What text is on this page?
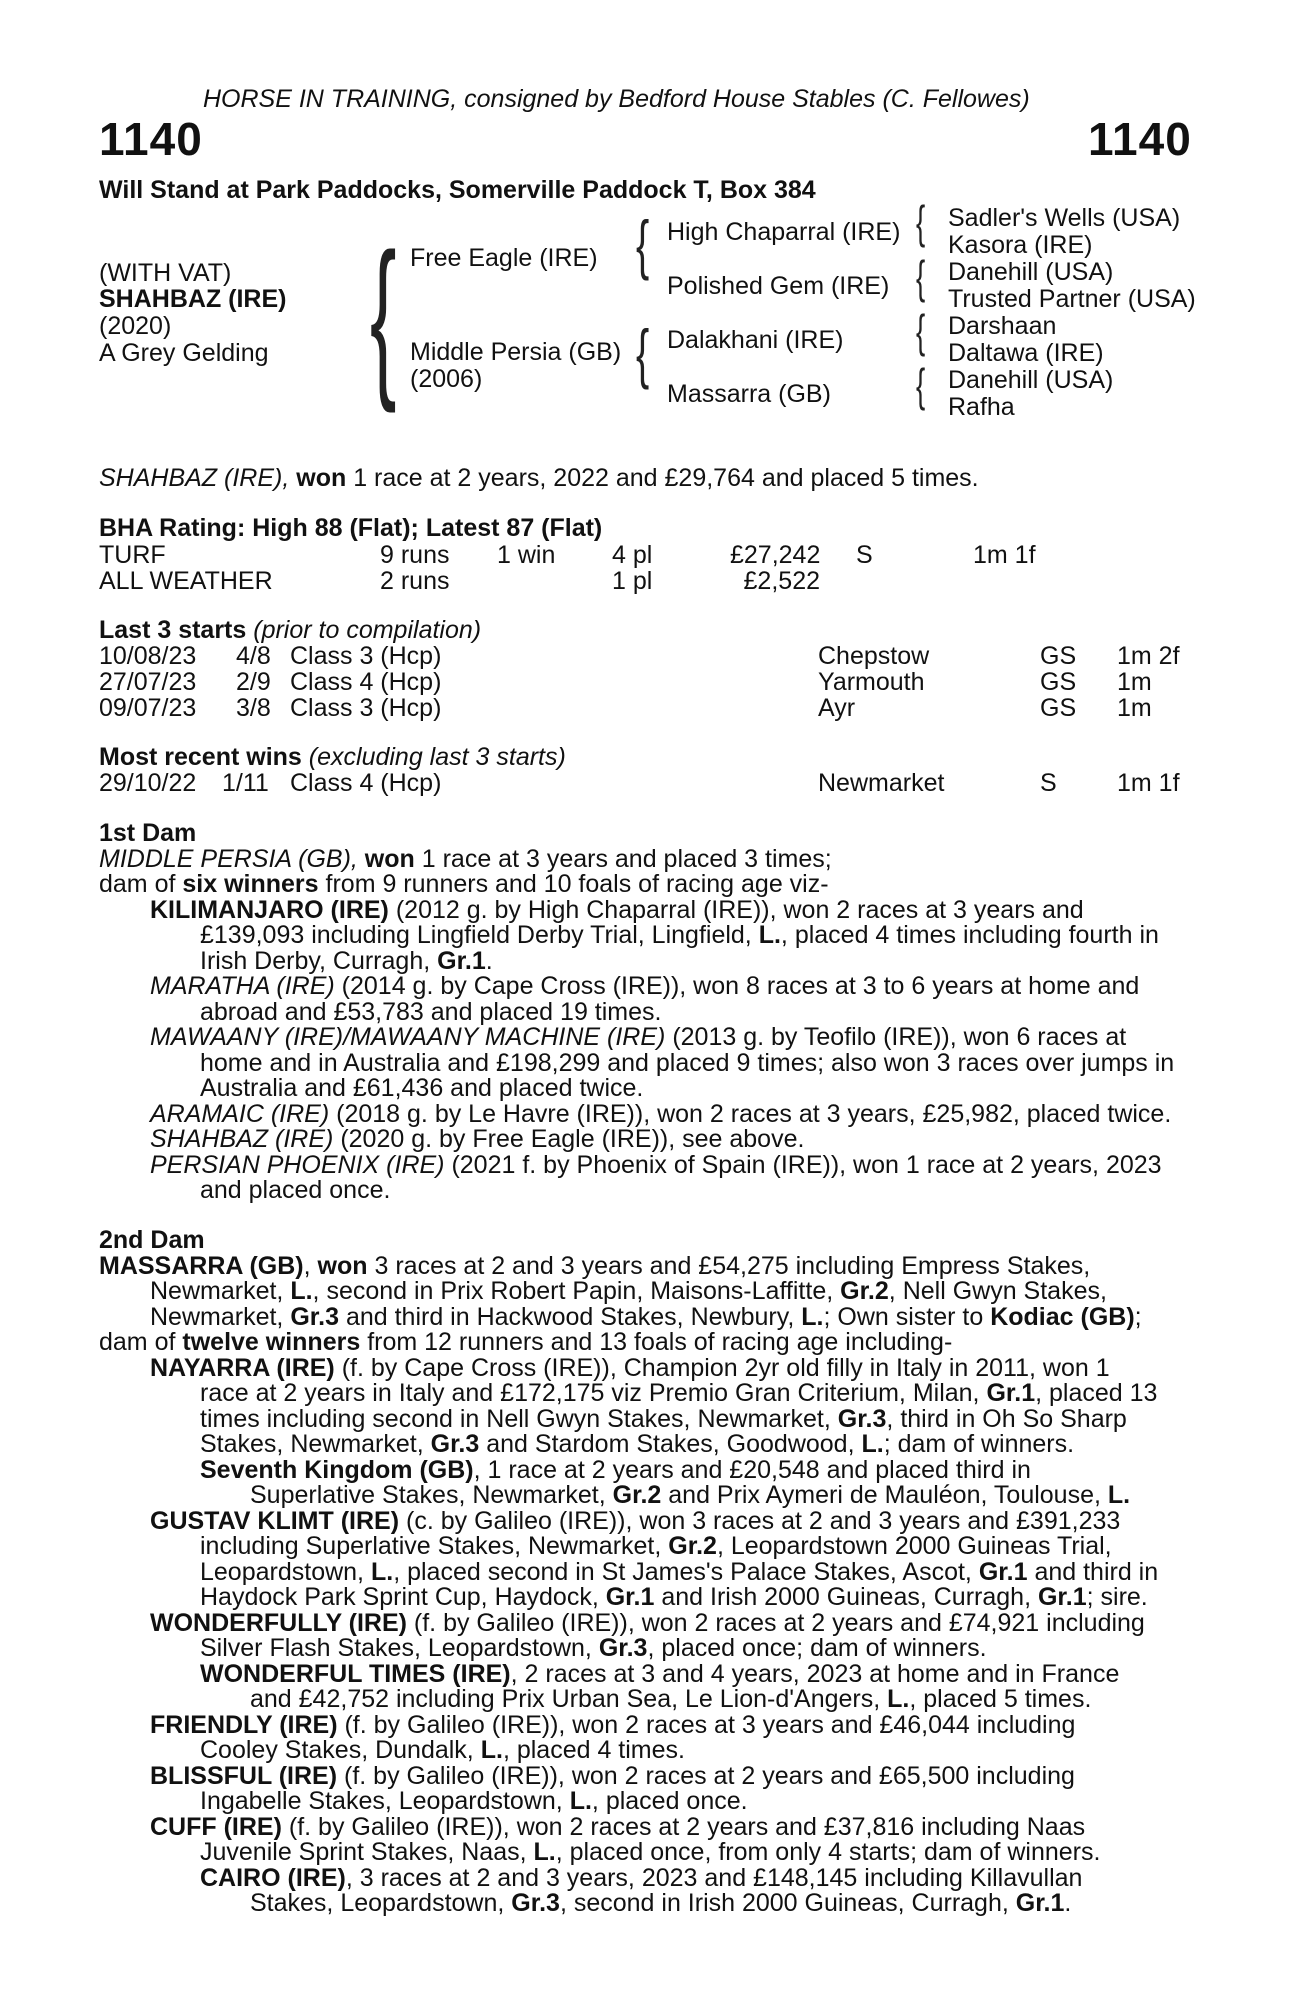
HORSE IN TRAINING, consigned by Bedford House Stables (C. Fellowes)
1140	1140
Will Stand at Park Paddocks, Somerville Paddock T, Box 384
(WITH VAT)
SHAHBAZ (IRE)
(2020)
A Grey Gelding {	{
{
{
{
{
{
Free Eagle (IRE)
Middle Persia (GB)
(2006)
High Chaparral (IRE)
Polished Gem (IRE)
Dalakhani (IRE)
Massarra (GB)
Sadler's Wells (USA)
Kasora (IRE)
Danehill (USA)
Trusted Partner (USA)
Darshaan
Daltawa (IRE)
Danehill (USA)
Rafha
SHAHBAZ (IRE), won 1 race at 2 years, 2022 and £29,764 and placed 5 times.
BHA Rating: High 88 (Flat); Latest 87 (Flat)
TURF	9 runs 1 win 4 pl	£27,242 S	1m 1f
ALL WEATHER	2 runs	1 pl	£2,522
Last 3 starts (prior to compilation)
10/08/23 4/8 Class 3 (Hcp)	Chepstow	GS 1m 2f
27/07/23 2/9 Class 4 (Hcp)	Yarmouth	GS 1m
09/07/23 3/8 Class 3 (Hcp)	Ayr	GS 1m
Most recent wins (excluding last 3 starts)
29/10/22 1/11 Class 4 (Hcp)	Newmarket	S 1m 1f
1st Dam
MIDDLE PERSIA (GB), won 1 race at 3 years and placed 3 times;
dam of six winners from 9 runners and 10 foals of racing age viz-
KILIMANJARO (IRE) (2012 g. by High Chaparral (IRE)), won 2 races at 3 years and
£139,093 including Lingfield Derby Trial, Lingfield, L., placed 4 times including fourth in
Irish Derby, Curragh, Gr.1.
MARATHA (IRE) (2014 g. by Cape Cross (IRE)), won 8 races at 3 to 6 years at home and
abroad and £53,783 and placed 19 times.
MAWAANY (IRE)/MAWAANY MACHINE (IRE) (2013 g. by Teofilo (IRE)), won 6 races at
home and in Australia and £198,299 and placed 9 times; also won 3 races over jumps in
Australia and £61,436 and placed twice.
ARAMAIC (IRE) (2018 g. by Le Havre (IRE)), won 2 races at 3 years, £25,982, placed twice.
SHAHBAZ (IRE) (2020 g. by Free Eagle (IRE)), see above.
PERSIAN PHOENIX (IRE) (2021 f. by Phoenix of Spain (IRE)), won 1 race at 2 years, 2023
and placed once.
2nd Dam
MASSARRA (GB), won 3 races at 2 and 3 years and £54,275 including Empress Stakes,
Newmarket, L., second in Prix Robert Papin, Maisons-Laffitte, Gr.2, Nell Gwyn Stakes,
Newmarket, Gr.3 and third in Hackwood Stakes, Newbury, L.; Own sister to Kodiac (GB);
dam of twelve winners from 12 runners and 13 foals of racing age including-
NAYARRA (IRE) (f. by Cape Cross (IRE)), Champion 2yr old filly in Italy in 2011, won 1
race at 2 years in Italy and £172,175 viz Premio Gran Criterium, Milan, Gr.1, placed 13
times including second in Nell Gwyn Stakes, Newmarket, Gr.3, third in Oh So Sharp
Stakes, Newmarket, Gr.3 and Stardom Stakes, Goodwood, L.; dam of winners.
Seventh Kingdom (GB), 1 race at 2 years and £20,548 and placed third in
Superlative Stakes, Newmarket, Gr.2 and Prix Aymeri de Mauléon, Toulouse, L.
GUSTAV KLIMT (IRE) (c. by Galileo (IRE)), won 3 races at 2 and 3 years and £391,233
including Superlative Stakes, Newmarket, Gr.2, Leopardstown 2000 Guineas Trial,
Leopardstown, L., placed second in St James's Palace Stakes, Ascot, Gr.1 and third in
Haydock Park Sprint Cup, Haydock, Gr.1 and Irish 2000 Guineas, Curragh, Gr.1; sire.
WONDERFULLY (IRE) (f. by Galileo (IRE)), won 2 races at 2 years and £74,921 including
Silver Flash Stakes, Leopardstown, Gr.3, placed once; dam of winners.
WONDERFUL TIMES (IRE), 2 races at 3 and 4 years, 2023 at home and in France
and £42,752 including Prix Urban Sea, Le Lion-d'Angers, L., placed 5 times.
FRIENDLY (IRE) (f. by Galileo (IRE)), won 2 races at 3 years and £46,044 including
Cooley Stakes, Dundalk, L., placed 4 times.
BLISSFUL (IRE) (f. by Galileo (IRE)), won 2 races at 2 years and £65,500 including
Ingabelle Stakes, Leopardstown, L., placed once.
CUFF (IRE) (f. by Galileo (IRE)), won 2 races at 2 years and £37,816 including Naas
Juvenile Sprint Stakes, Naas, L., placed once, from only 4 starts; dam of winners.
CAIRO (IRE), 3 races at 2 and 3 years, 2023 and £148,145 including Killavullan
Stakes, Leopardstown, Gr.3, second in Irish 2000 Guineas, Curragh, Gr.1.
